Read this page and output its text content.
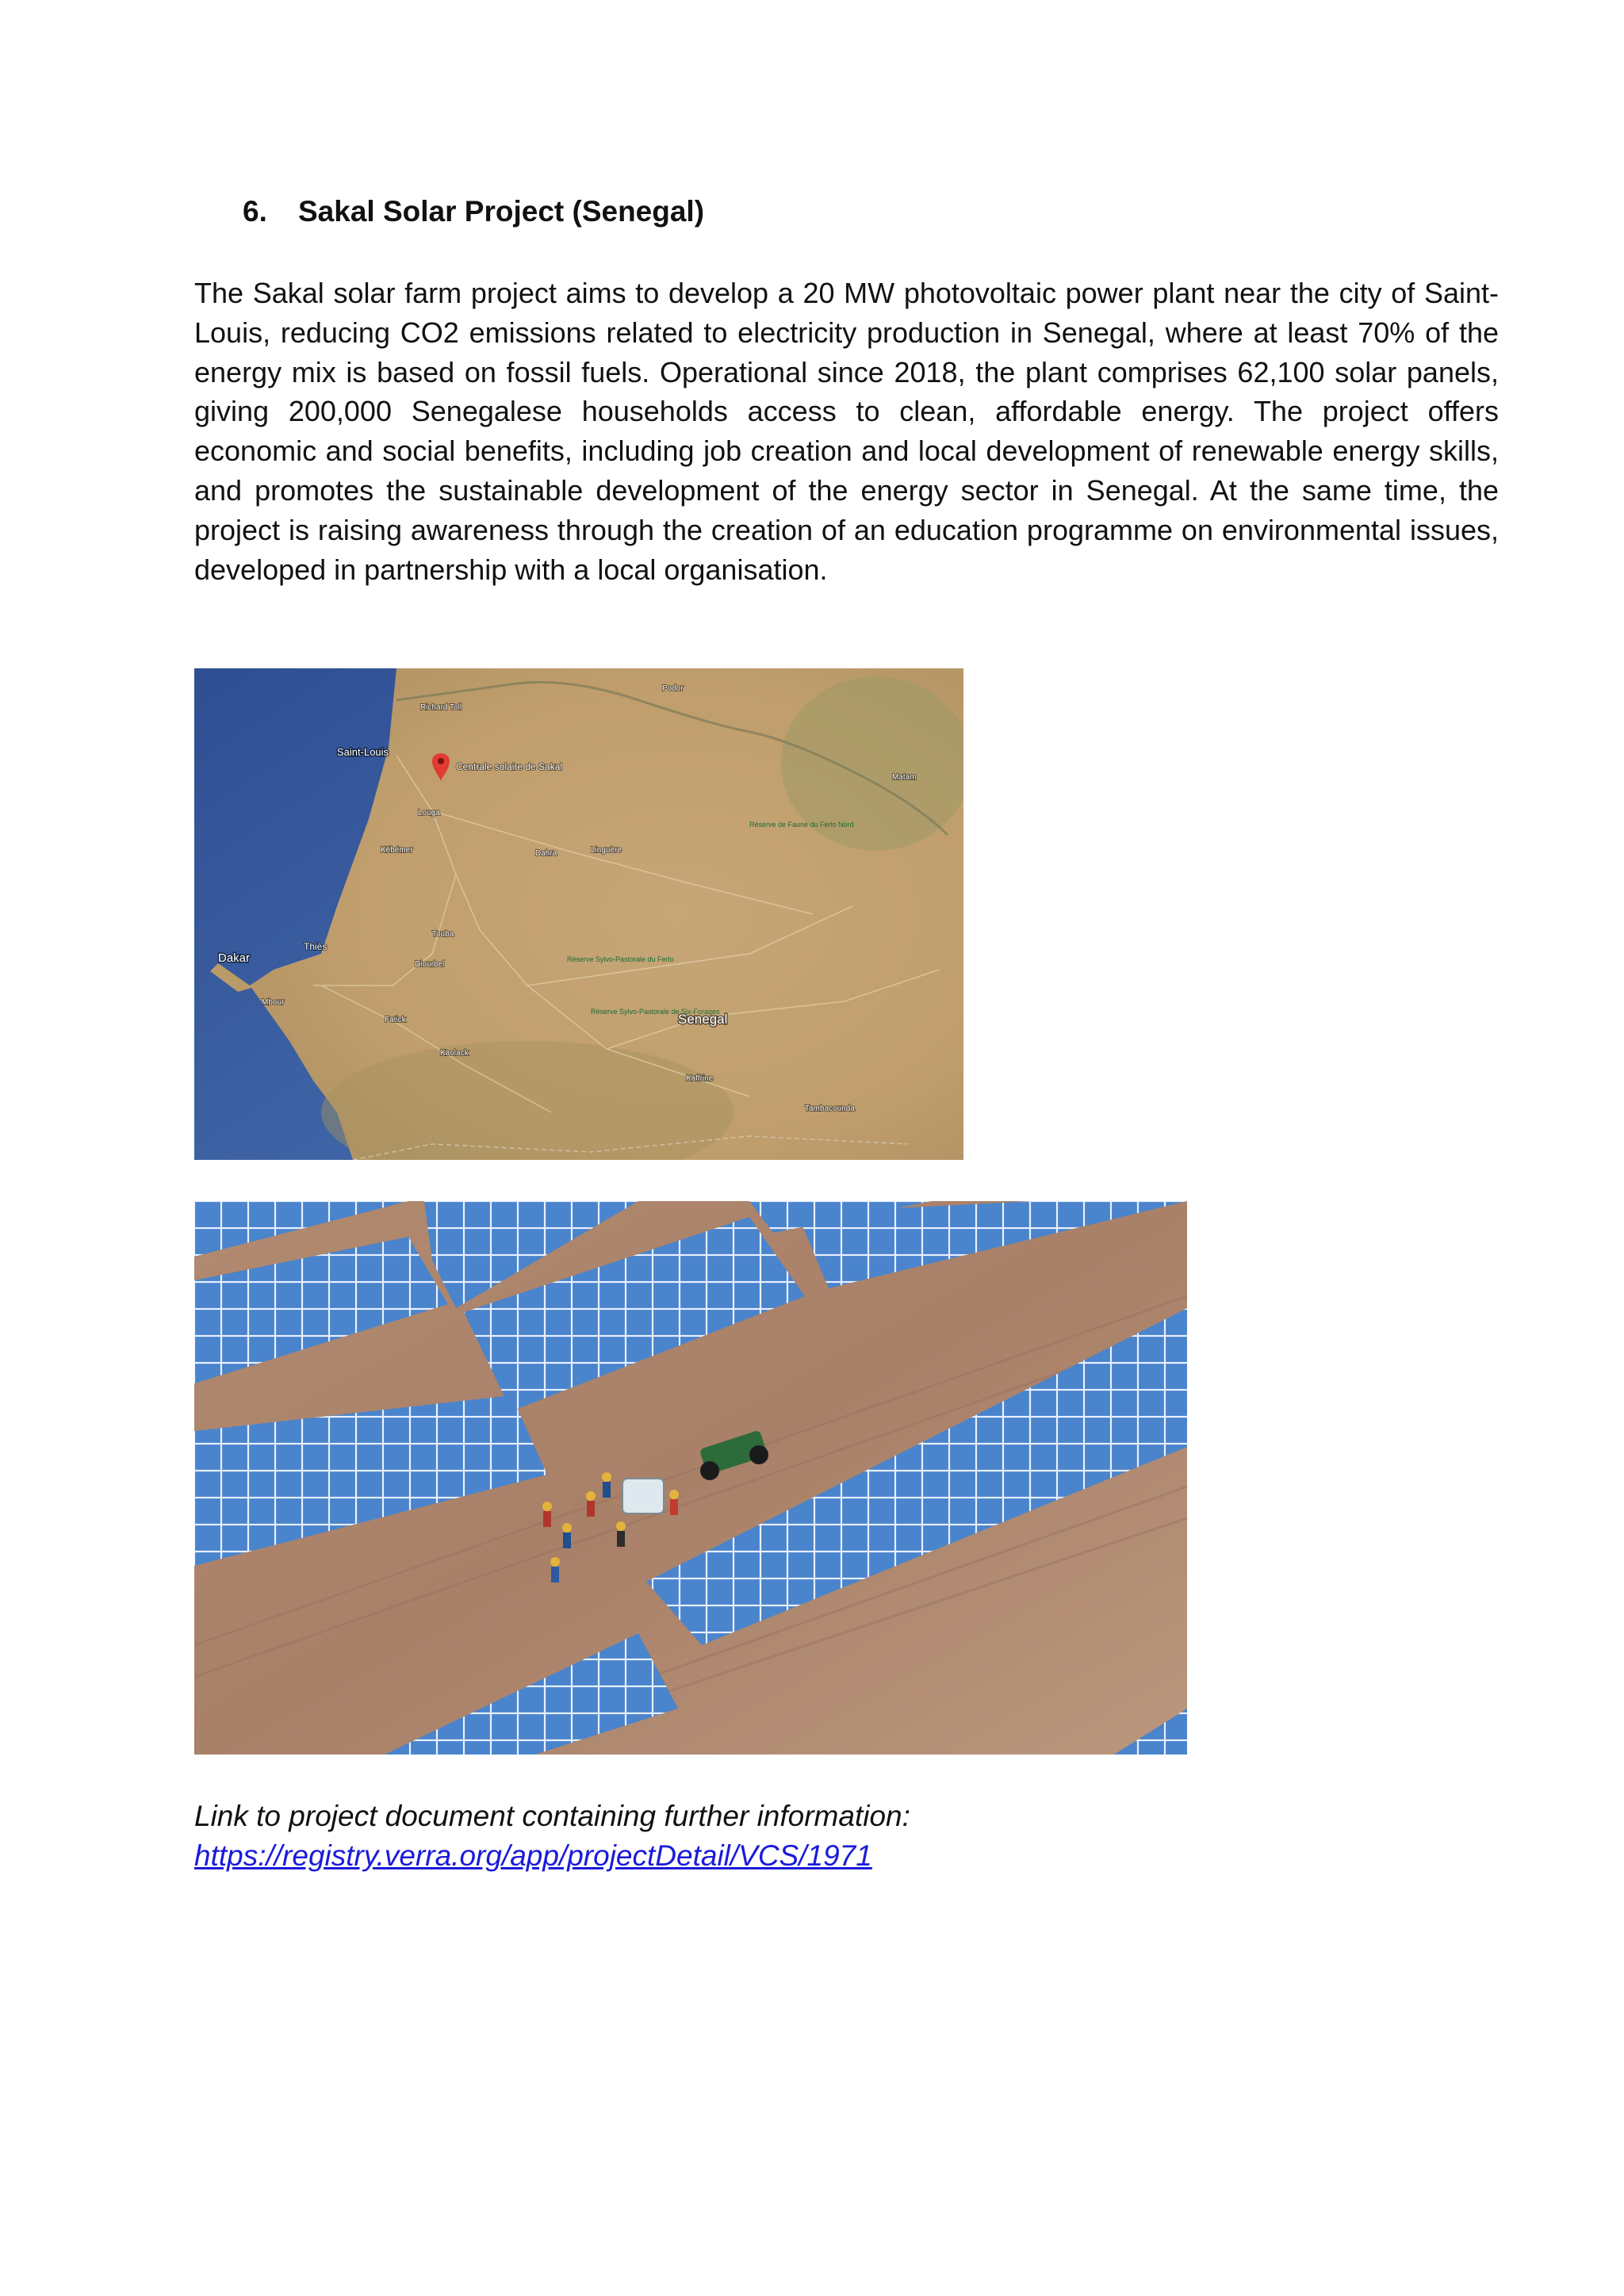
6. Sakal Solar Project (Senegal)

The Sakal solar farm project aims to develop a 20 MW photovoltaic power plant near the city of Saint-Louis, reducing CO2 emissions related to electricity production in Senegal, where at least 70% of the energy mix is based on fossil fuels. Operational since 2018, the plant comprises 62,100 solar panels, giving 200,000 Senegalese households access to clean, affordable energy. The project offers economic and social benefits, including job creation and local development of renewable energy skills, and promotes the sustainable development of the energy sector in Senegal. At the same time, the project is raising awareness through the creation of an education programme on environmental issues, developed in partnership with a local organisation.

Centrale solaire de Sakal
Saint-Louis
Dakar
Thiès
Senegal
Louga
Podor
Matam
Linguère
Touba
Diourbel
Kaolack
Fatick
Mbour
Kébémer	Dahra
Tambacounda
Kaffrine
Richard Toll
Réserve de Faune du Ferlo Nord
Réserve Sylvo-Pastorale du Ferlo
Réserve Sylvo-Pastorale de Six-Forages

Link to project document containing further information:
https://registry.verra.org/app/projectDetail/VCS/1971
